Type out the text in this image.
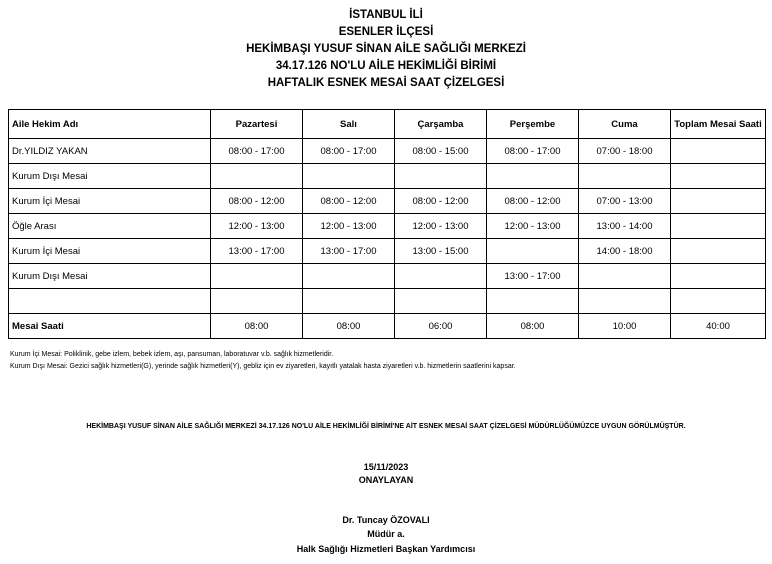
İSTANBUL İLİ
ESENLER İLÇESİ
HEKİMBAŞI YUSUF SİNAN AİLE SAĞLIĞI MERKEZİ
34.17.126 NO'LU AİLE HEKİMLİĞİ BİRİMİ
HAFTALIK ESNEK MESAİ SAAT ÇİZELGESİ
Aile Hekim Adı	Pazartesi	Salı	Çarşamba	Perşembe	Cuma	Toplam Mesai Saati
Dr.YILDIZ YAKAN	08:00 - 17:00	08:00 - 17:00	08:00 - 15:00	08:00 - 17:00	07:00 - 18:00	
Kurum Dışı Mesai						
Kurum İçi Mesai	08:00 - 12:00	08:00 - 12:00	08:00 - 12:00	08:00 - 12:00	07:00 - 13:00	
Öğle Arası	12:00 - 13:00	12:00 - 13:00	12:00 - 13:00	12:00 - 13:00	13:00 - 14:00	
Kurum İçi Mesai	13:00 - 17:00	13:00 - 17:00	13:00 - 15:00		14:00 - 18:00	
Kurum Dışı Mesai				13:00 - 17:00		

Mesai Saati	08:00	08:00	06:00	08:00	10:00	40:00
Kurum İçi Mesai: Poliklinik, gebe izlem, bebek izlem, aşı, pansuman, laboratuvar v.b. sağlık hizmetleridir.
Kurum Dışı Mesai: Gezici sağlık hizmetleri(G), yerinde sağlık hizmetleri(Y), gebliz için ev ziyaretleri, kayıtlı yatalak hasta ziyaretleri v.b. hizmetlerin saatlerini kapsar.
HEKİMBAŞI YUSUF SİNAN AİLE SAĞLIĞI MERKEZİ 34.17.126 NO'LU AİLE HEKİMLİĞİ BİRİMİ'NE AİT ESNEK MESAİ SAAT ÇİZELGESİ MÜDÜRLÜĞÜMÜZCE UYGUN GÖRÜLMÜŞTÜR.
15/11/2023
ONAYLAYAN
Dr. Tuncay ÖZOVALI
Müdür a.
Halk Sağlığı Hizmetleri Başkan Yardımcısı
